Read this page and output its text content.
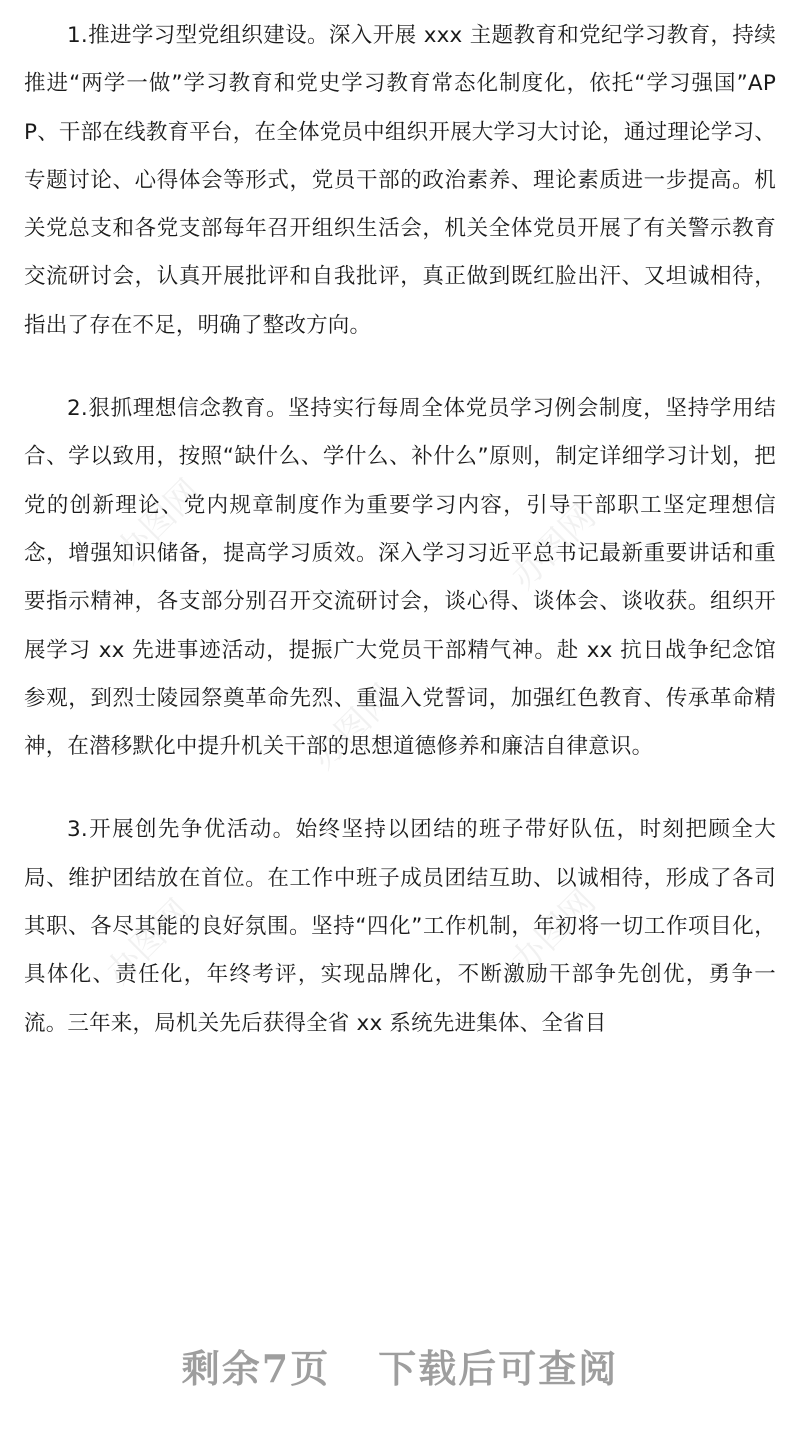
办图网	办图网
办图网
办图网	办图网

1.推进学习型党组织建设。深入开展 xxx 主题教育和党纪学习教育，持续推进“两学一做”学习教育和党史学习教育常态化制度化，依托“学习强国”APP、干部在线教育平台，在全体党员中组织开展大学习大讨论，通过理论学习、专题讨论、心得体会等形式，党员干部的政治素养、理论素质进一步提高。机关党总支和各党支部每年召开组织生活会，机关全体党员开展了有关警示教育交流研讨会，认真开展批评和自我批评，真正做到既红脸出汗、又坦诚相待，指出了存在不足，明确了整改方向。

2.狠抓理想信念教育。坚持实行每周全体党员学习例会制度，坚持学用结合、学以致用，按照“缺什么、学什么、补什么”原则，制定详细学习计划，把党的创新理论、党内规章制度作为重要学习内容，引导干部职工坚定理想信念，增强知识储备，提高学习质效。深入学习习近平总书记最新重要讲话和重要指示精神，各支部分别召开交流研讨会，谈心得、谈体会、谈收获。组织开展学习 xx 先进事迹活动，提振广大党员干部精气神。赴 xx 抗日战争纪念馆参观，到烈士陵园祭奠革命先烈、重温入党誓词，加强红色教育、传承革命精神，在潜移默化中提升机关干部的思想道德修养和廉洁自律意识。

3.开展创先争优活动。始终坚持以团结的班子带好队伍，时刻把顾全大局、维护团结放在首位。在工作中班子成员团结互助、以诚相待，形成了各司其职、各尽其能的良好氛围。坚持“四化”工作机制，年初将一切工作项目化，具体化、责任化，年终考评，实现品牌化，不断激励干部争先创优，勇争一流。三年来，局机关先后获得全省 xx 系统先进集体、全省目

剩余7页 下载后可查阅
